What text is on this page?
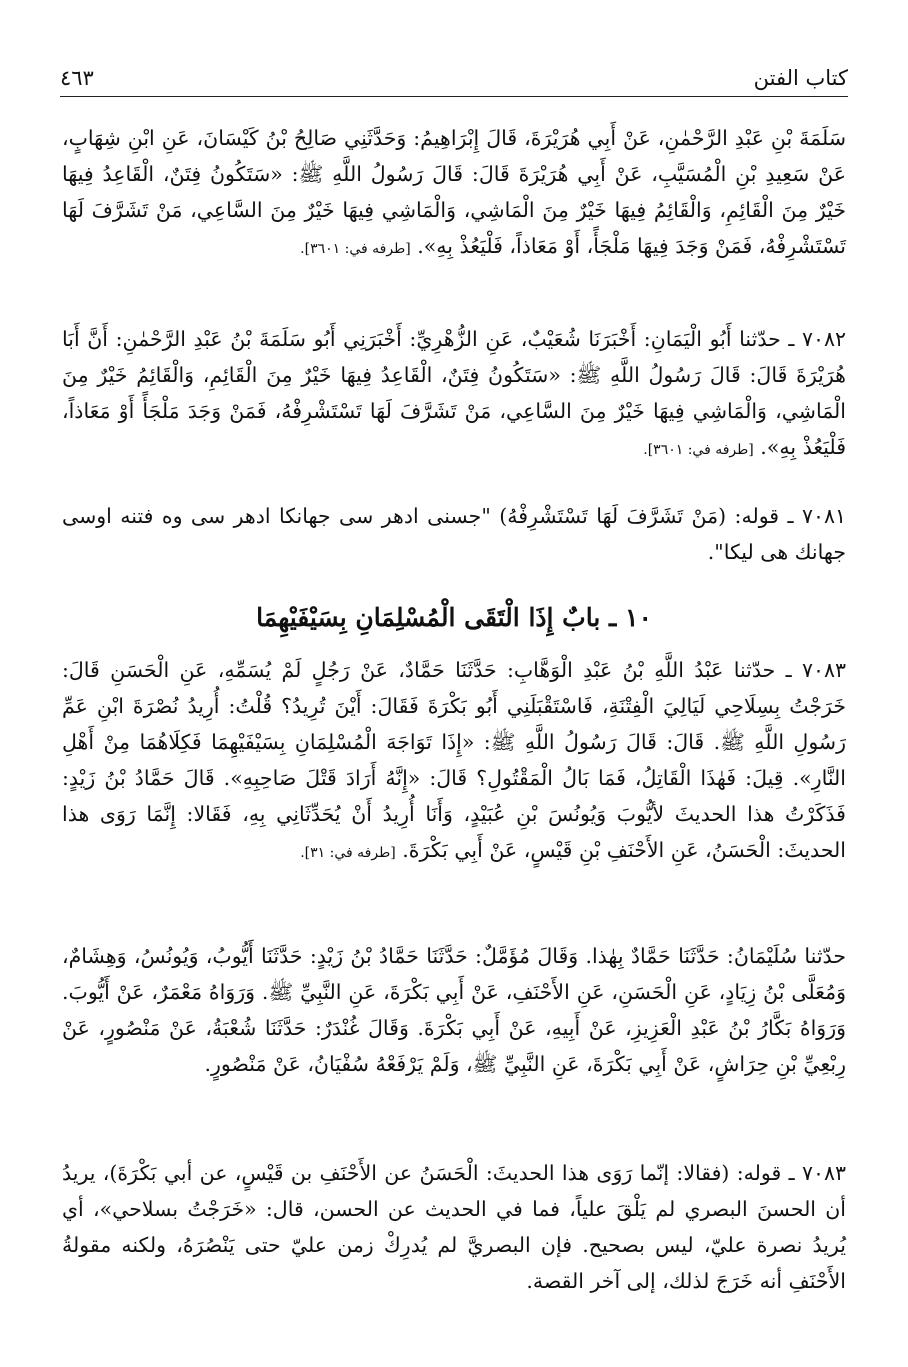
كتاب الفتن
٤٦٣

سَلَمَةَ بْنِ عَبْدِ الرَّحْمٰنِ، عَنْ أَبِي هُرَيْرَةَ، قَالَ إِبْرَاهِيمُ: وَحَدَّثَنِي صَالِحُ بْنُ كَيْسَانَ، عَنِ ابْنِ شِهَابٍ، عَنْ سَعِيدِ بْنِ الْمُسَيَّبِ، عَنْ أَبِي هُرَيْرَةَ قَالَ: قَالَ رَسُولُ اللَّهِ ﷺ: «سَتَكُونُ فِتَنٌ، الْقَاعِدُ فِيهَا خَيْرٌ مِنَ الْقَائِمِ، وَالْقَائِمُ فِيهَا خَيْرٌ مِنَ الْمَاشِي، وَالْمَاشِي فِيهَا خَيْرٌ مِنَ السَّاعِي، مَنْ تَشَرَّفَ لَهَا تَسْتَشْرِفْهُ، فَمَنْ وَجَدَ فِيهَا مَلْجَأً، أَوْ مَعَاذاً، فَلْيَعُذْ بِهِ». [طرفه في: ٣٦٠١].

٧٠٨٢ ـ حدّثنا أَبُو الْيَمَانِ: أَخْبَرَنَا شُعَيْبٌ، عَنِ الزُّهْرِيِّ: أَخْبَرَنِي أَبُو سَلَمَةَ بْنُ عَبْدِ الرَّحْمٰنِ: أَنَّ أَبَا هُرَيْرَةَ قَالَ: قَالَ رَسُولُ اللَّهِ ﷺ: «سَتَكُونُ فِتَنٌ، الْقَاعِدُ فِيهَا خَيْرٌ مِنَ الْقَائِمِ، وَالْقَائِمُ خَيْرٌ مِنَ الْمَاشِي، وَالْمَاشِي فِيهَا خَيْرٌ مِنَ السَّاعِي، مَنْ تَشَرَّفَ لَهَا تَسْتَشْرِفْهُ، فَمَنْ وَجَدَ مَلْجَأً أَوْ مَعَاذاً، فَلْيَعُذْ بِهِ». [طرفه في: ٣٦٠١].

٧٠٨١ ـ قوله: (مَنْ تَشَرَّفَ لَهَا تَسْتَشْرِفْهُ) "جسنى ادهر سى جهانكا ادهر سى وه فتنه اوسى جهانك هى ليكا".

١٠ ـ بابٌ إِذَا الْتَقَى الْمُسْلِمَانِ بِسَيْفَيْهِمَا

٧٠٨٣ ـ حدّثنا عَبْدُ اللَّهِ بْنُ عَبْدِ الْوَهَّابِ: حَدَّثَنَا حَمَّادٌ، عَنْ رَجُلٍ لَمْ يُسَمِّهِ، عَنِ الْحَسَنِ قَالَ: خَرَجْتُ بِسِلَاحِي لَيَالِيَ الْفِتْنَةِ، فَاسْتَقْبَلَنِي أَبُو بَكْرَةَ فَقَالَ: أَيْنَ تُرِيدُ؟ قُلْتُ: أُرِيدُ نُصْرَةَ ابْنِ عَمِّ رَسُولِ اللَّهِ ﷺ. قَالَ: قَالَ رَسُولُ اللَّهِ ﷺ: «إِذَا تَوَاجَهَ الْمُسْلِمَانِ بِسَيْفَيْهِمَا فَكِلَاهُمَا مِنْ أَهْلِ النَّارِ». قِيلَ: فَهٰذَا الْقَاتِلُ، فَمَا بَالُ الْمَقْتُولِ؟ قَالَ: «إِنَّهُ أَرَادَ قَتْلَ صَاحِبِهِ». قَالَ حَمَّادُ بْنُ زَيْدٍ: فَذَكَرْتُ هذا الحديثَ لأيُّوبَ وَيُونُسَ بْنِ عُبَيْدٍ، وَأَنَا أُرِيدُ أَنْ يُحَدِّثَانِي بِهِ، فَقَالا: إِنَّمَا رَوَى هذا الحديثَ: الْحَسَنُ، عَنِ الأَحْنَفِ بْنِ قَيْسٍ، عَنْ أَبِي بَكْرَةَ. [طرفه في: ٣١].

حدّثنا سُلَيْمَانُ: حَدَّثَنَا حَمَّادٌ بِهٰذا. وَقَالَ مُؤَمَّلٌ: حَدَّثَنَا حَمَّادُ بْنُ زَيْدٍ: حَدَّثَنَا أَيُّوبُ، وَيُونُسُ، وَهِشَامٌ، وَمُعَلَّى بْنُ زِيَادٍ، عَنِ الْحَسَنِ، عَنِ الأَحْنَفِ، عَنْ أَبِي بَكْرَةَ، عَنِ النَّبِيِّ ﷺ. وَرَوَاهُ مَعْمَرٌ، عَنْ أَيُّوبَ. وَرَوَاهُ بَكَّارُ بْنُ عَبْدِ الْعَزِيزِ، عَنْ أَبِيهِ، عَنْ أَبِي بَكْرَةَ. وَقَالَ غُنْدَرٌ: حَدَّثَنَا شُعْبَةُ، عَنْ مَنْصُورٍ، عَنْ رِبْعِيِّ بْنِ حِرَاشٍ، عَنْ أَبِي بَكْرَةَ، عَنِ النَّبِيِّ ﷺ، وَلَمْ يَرْفَعْهُ سُفْيَانُ، عَنْ مَنْصُورٍ.

٧٠٨٣ ـ قوله: (فقالا: إنّما رَوَى هذا الحديثَ: الْحَسَنُ عن الأَحْنَفِ بن قَيْسٍ، عن أبي بَكْرَةَ)، يريدُ أن الحسنَ البصري لم يَلْقَ علياً، فما في الحديث عن الحسن، قال: «خَرَجْتُ بسلاحي»، أي يُريدُ نصرة عليّ، ليس بصحيح. فإن البصريَّ لم يُدرِكْ زمن عليّ حتى يَنْصُرَهُ، ولكنه مقولةُ الأَحْنَفِ أنه خَرَجَ لذلك، إلى آخر القصة.
